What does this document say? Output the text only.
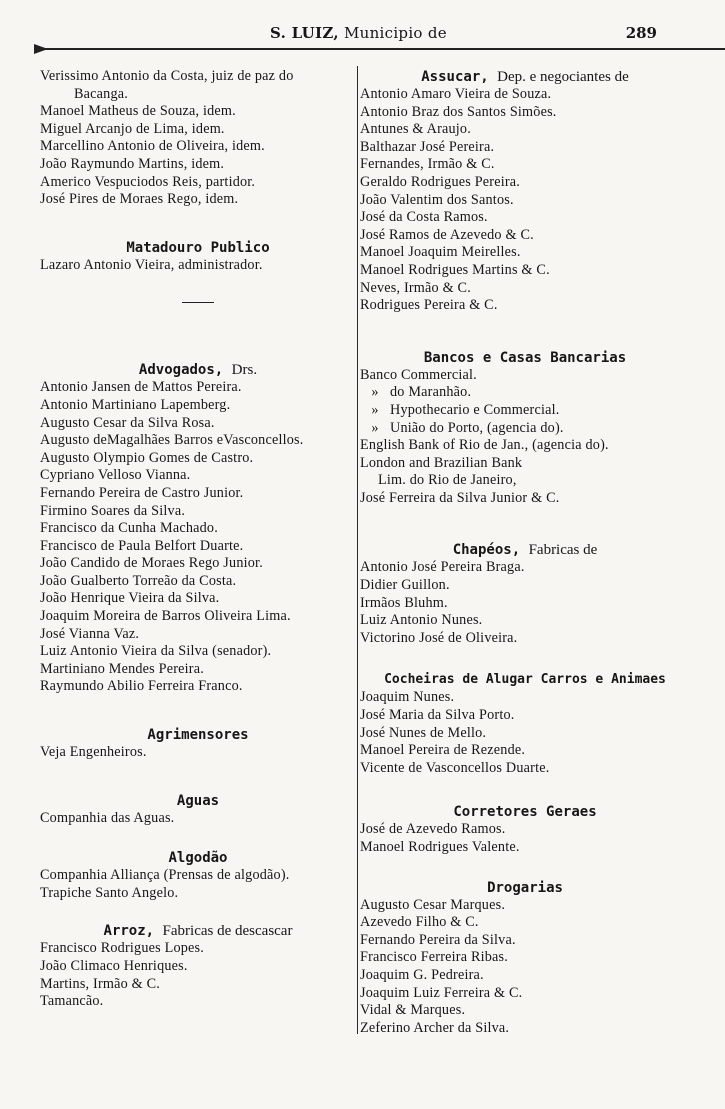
S. LUIZ, Municipio de	289
Verissimo Antonio da Costa, juiz de paz do
Bacanga.
Manoel Matheus de Souza, idem.
Miguel Arcanjo de Lima, idem.
Marcellino Antonio de Oliveira, idem.
João Raymundo Martins, idem.
Americo Vespuciodos Reis, partidor.
José Pires de Moraes Rego, idem.
Matadouro Publico
Lazaro Antonio Vieira, administrador.
Advogados, Drs.
Antonio Jansen de Mattos Pereira.
Antonio Martiniano Lapemberg.
Augusto Cesar da Silva Rosa.
Augusto deMagalhães Barros eVasconcellos.
Augusto Olympio Gomes de Castro.
Cypriano Velloso Vianna.
Fernando Pereira de Castro Junior.
Firmino Soares da Silva.
Francisco da Cunha Machado.
Francisco de Paula Belfort Duarte.
João Candido de Moraes Rego Junior.
João Gualberto Torreão da Costa.
João Henrique Vieira da Silva.
Joaquim Moreira de Barros Oliveira Lima.
José Vianna Vaz.
Luiz Antonio Vieira da Silva (senador).
Martiniano Mendes Pereira.
Raymundo Abilio Ferreira Franco.
Agrimensores
Veja Engenheiros.
Aguas
Companhia das Aguas.
Algodão
Companhia Alliança (Prensas de algodão).
Trapiche Santo Angelo.
Arroz, Fabricas de descascar
Francisco Rodrigues Lopes.
João Climaco Henriques.
Martins, Irmão & C.
Tamancão.
Assucar, Dep. e negociantes de
Antonio Amaro Vieira de Souza.
Antonio Braz dos Santos Simões.
Antunes & Araujo.
Balthazar José Pereira.
Fernandes, Irmão & C.
Geraldo Rodrigues Pereira.
João Valentim dos Santos.
José da Costa Ramos.
José Ramos de Azevedo & C.
Manoel Joaquim Meirelles.
Manoel Rodrigues Martins & C.
Neves, Irmão & C.
Rodrigues Pereira & C.
Bancos e Casas Bancarias
Banco Commercial.
» do Maranhão.
» Hypothecario e Commercial.
» União do Porto, (agencia do).
English Bank of Rio de Jan., (agencia do).
London and Brazilian Bank
Lim. do Rio de Janeiro,
José Ferreira da Silva Junior & C.
Chapéos, Fabricas de
Antonio José Pereira Braga.
Didier Guillon.
Irmãos Bluhm.
Luiz Antonio Nunes.
Victorino José de Oliveira.
Cocheiras de Alugar Carros e Animaes
Joaquim Nunes.
José Maria da Silva Porto.
José Nunes de Mello.
Manoel Pereira de Rezende.
Vicente de Vasconcellos Duarte.
Corretores Geraes
José de Azevedo Ramos.
Manoel Rodrigues Valente.
Drogarias
Augusto Cesar Marques.
Azevedo Filho & C.
Fernando Pereira da Silva.
Francisco Ferreira Ribas.
Joaquim G. Pedreira.
Joaquim Luiz Ferreira & C.
Vidal & Marques.
Zeferino Archer da Silva.
